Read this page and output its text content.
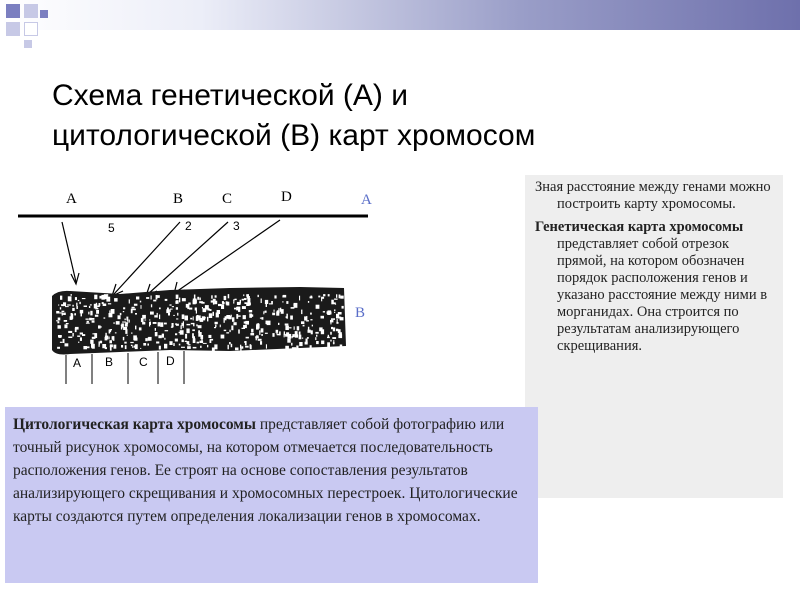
Схема генетической (А) и
цитологической (В) карт хромосом
A	B	C	D
5	2	3
A
B
A B C D

Зная расстояние между генами можно построить карту хромосомы.

Генетическая карта хромосомы представляет собой отрезок прямой, на котором обозначен порядок расположения генов и указано расстояние между ними в морганидах. Она строится по результатам анализирующего скрещивания.

Цитологическая карта хромосомы представляет собой фотографию или точный рисунок хромосомы, на котором отмечается последовательность расположения генов. Ее строят на основе сопоставления результатов анализирующего скрещивания и хромосомных перестроек. Цитологические карты создаются путем определения локализации генов в хромосомах.
